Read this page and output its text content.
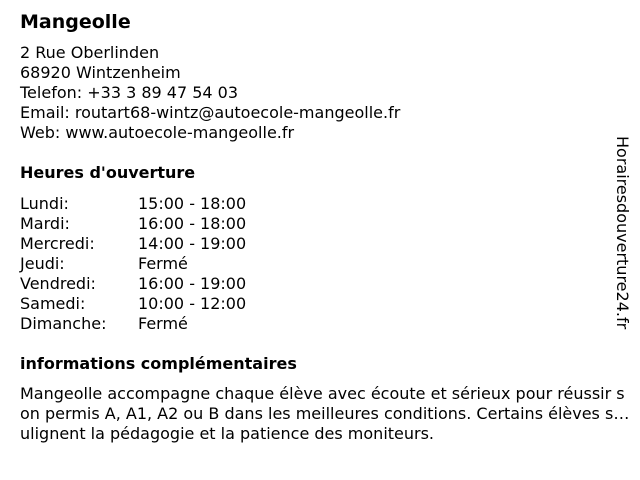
Mangeolle
2 Rue Oberlinden
68920 Wintzenheim
Telefon: +33 3 89 47 54 03
Email: routart68-wintz@autoecole-mangeolle.fr
Web: www.autoecole-mangeolle.fr
Heures d'ouverture
Lundi:	15:00 - 18:00
Mardi:	16:00 - 18:00
Mercredi:	14:00 - 19:00
Jeudi:	Fermé
Vendredi:	16:00 - 19:00
Samedi:	10:00 - 12:00
Dimanche:	Fermé
informations complémentaires
Mangeolle accompagne chaque élève avec écoute et sérieux pour réussir son permis A, A1, A2 ou B dans les meilleures conditions. Certains élèves soulignent la pédagogie et la patience des moniteurs.
Horairesdouverture24.fr
